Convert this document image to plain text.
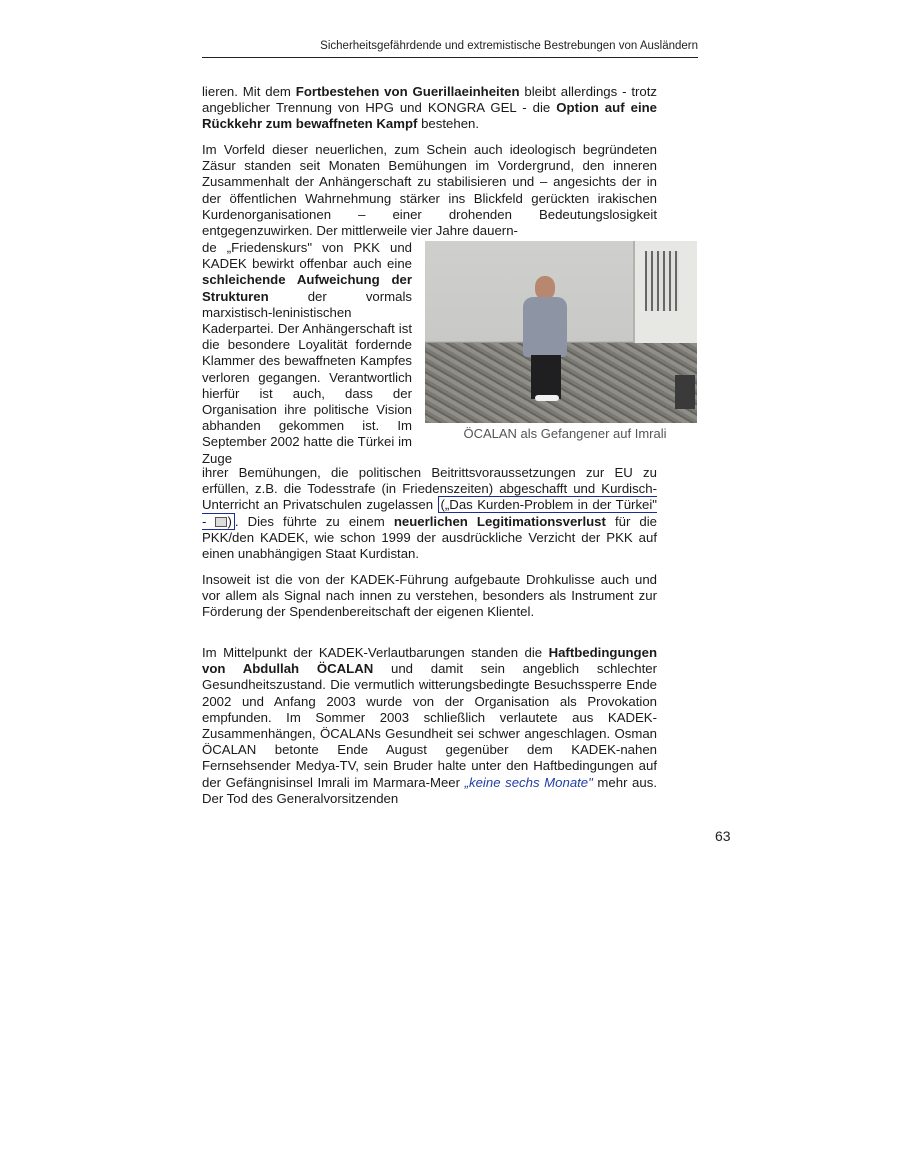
Sicherheitsgefährdende und extremistische Bestrebungen von Ausländern

lieren. Mit dem Fortbestehen von Guerillaeinheiten bleibt allerdings - trotz angeblicher Trennung von HPG und KONGRA GEL - die Option auf eine Rückkehr zum bewaffneten Kampf bestehen.

Im Vorfeld dieser neuerlichen, zum Schein auch ideologisch begründeten Zäsur standen seit Monaten Bemühungen im Vordergrund, den inneren Zusammenhalt der Anhängerschaft zu stabilisieren und – angesichts der in der öffentlichen Wahrnehmung stärker ins Blickfeld gerückten irakischen Kurdenorganisationen – einer drohenden Bedeutungslosigkeit entgegenzuwirken. Der mittlerweile vier Jahre dauern-

de „Friedenskurs" von PKK und KADEK bewirkt offenbar auch eine schleichende Aufweichung der Strukturen der vormals marxistisch-leninistischen Kaderpartei. Der Anhängerschaft ist die besondere Loyalität fordernde Klammer des bewaffneten Kampfes verloren gegangen. Verantwortlich hierfür ist auch, dass der Organisation ihre politische Vision abhanden gekommen ist. Im September 2002 hatte die Türkei im Zuge
ÖCALAN als Gefangener auf Imrali

ihrer Bemühungen, die politischen Beitrittsvoraussetzungen zur EU zu erfüllen, z.B. die Todesstrafe (in Friedenszeiten) abgeschafft und Kurdisch-Unterricht an Privatschulen zugelassen („Das Kurden-Problem in der Türkei" - ) . Dies führte zu einem neuerlichen Legitimationsverlust für die PKK/den KADEK, wie schon 1999 der ausdrückliche Verzicht der PKK auf einen unabhängigen Staat Kurdistan.

Insoweit ist die von der KADEK-Führung aufgebaute Drohkulisse auch und vor allem als Signal nach innen zu verstehen, besonders als Instrument zur Förderung der Spendenbereitschaft der eigenen Klientel.

Im Mittelpunkt der KADEK-Verlautbarungen standen die Haftbedingungen von Abdullah ÖCALAN und damit sein angeblich schlechter Gesundheitszustand. Die vermutlich witterungsbedingte Besuchssperre Ende 2002 und Anfang 2003 wurde von der Organisation als Provokation empfunden. Im Sommer 2003 schließlich verlautete aus KADEK-Zusammenhängen, ÖCALANs Gesundheit sei schwer angeschlagen. Osman ÖCALAN betonte Ende August gegenüber dem KADEK-nahen Fernsehsender Medya-TV, sein Bruder halte unter den Haftbedingungen auf der Gefängnisinsel Imrali im Marmara-Meer „keine sechs Monate" mehr aus. Der Tod des Generalvorsitzenden

63
